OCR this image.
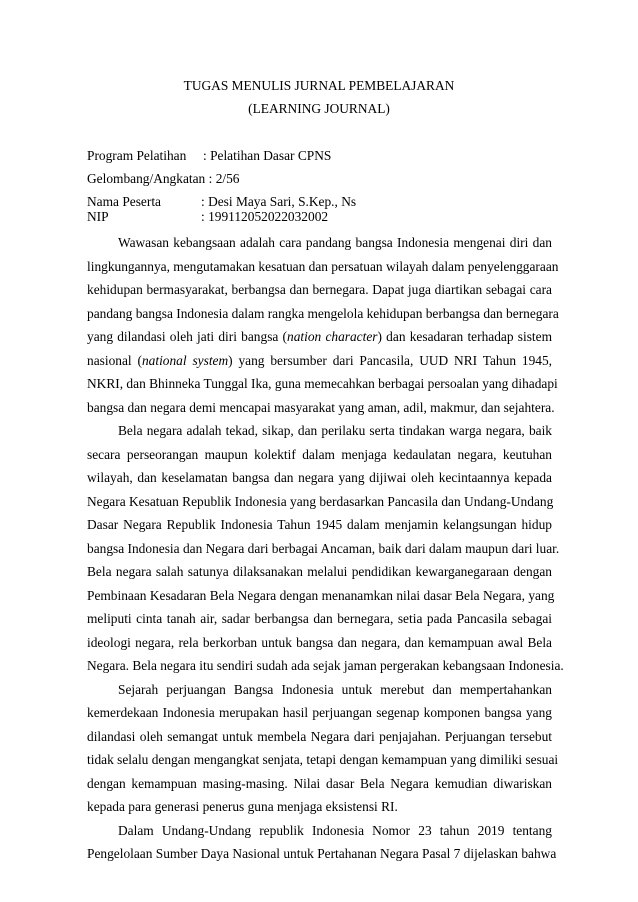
TUGAS MENULIS JURNAL PEMBELAJARAN
(LEARNING JOURNAL)
Program Pelatihan : Pelatihan Dasar CPNS
Gelombang/Angkatan : 2/56
Nama Peserta	: Desi Maya Sari, S.Kep., Ns
NIP	: 199112052022032002
Wawasan kebangsaan adalah cara pandang bangsa Indonesia mengenai diri dan
lingkungannya, mengutamakan kesatuan dan persatuan wilayah dalam penyelenggaraan
kehidupan bermasyarakat, berbangsa dan bernegara. Dapat juga diartikan sebagai cara
pandang bangsa Indonesia dalam rangka mengelola kehidupan berbangsa dan bernegara
yang dilandasi oleh jati diri bangsa (nation character) dan kesadaran terhadap sistem
nasional (national system) yang bersumber dari Pancasila, UUD NRI Tahun 1945,
NKRI, dan Bhinneka Tunggal Ika, guna memecahkan berbagai persoalan yang dihadapi
bangsa dan negara demi mencapai masyarakat yang aman, adil, makmur, dan sejahtera.
Bela negara adalah tekad, sikap, dan perilaku serta tindakan warga negara, baik
secara perseorangan maupun kolektif dalam menjaga kedaulatan negara, keutuhan
wilayah, dan keselamatan bangsa dan negara yang dijiwai oleh kecintaannya kepada
Negara Kesatuan Republik Indonesia yang berdasarkan Pancasila dan Undang-Undang
Dasar Negara Republik Indonesia Tahun 1945 dalam menjamin kelangsungan hidup
bangsa Indonesia dan Negara dari berbagai Ancaman, baik dari dalam maupun dari luar.
Bela negara salah satunya dilaksanakan melalui pendidikan kewarganegaraan dengan
Pembinaan Kesadaran Bela Negara dengan menanamkan nilai dasar Bela Negara, yang
meliputi cinta tanah air, sadar berbangsa dan bernegara, setia pada Pancasila sebagai
ideologi negara, rela berkorban untuk bangsa dan negara, dan kemampuan awal Bela
Negara. Bela negara itu sendiri sudah ada sejak jaman pergerakan kebangsaan Indonesia.
Sejarah perjuangan Bangsa Indonesia untuk merebut dan mempertahankan
kemerdekaan Indonesia merupakan hasil perjuangan segenap komponen bangsa yang
dilandasi oleh semangat untuk membela Negara dari penjajahan. Perjuangan tersebut
tidak selalu dengan mengangkat senjata, tetapi dengan kemampuan yang dimiliki sesuai
dengan kemampuan masing-masing. Nilai dasar Bela Negara kemudian diwariskan
kepada para generasi penerus guna menjaga eksistensi RI.
Dalam Undang-Undang republik Indonesia Nomor 23 tahun 2019 tentang
Pengelolaan Sumber Daya Nasional untuk Pertahanan Negara Pasal 7 dijelaskan bahwa
